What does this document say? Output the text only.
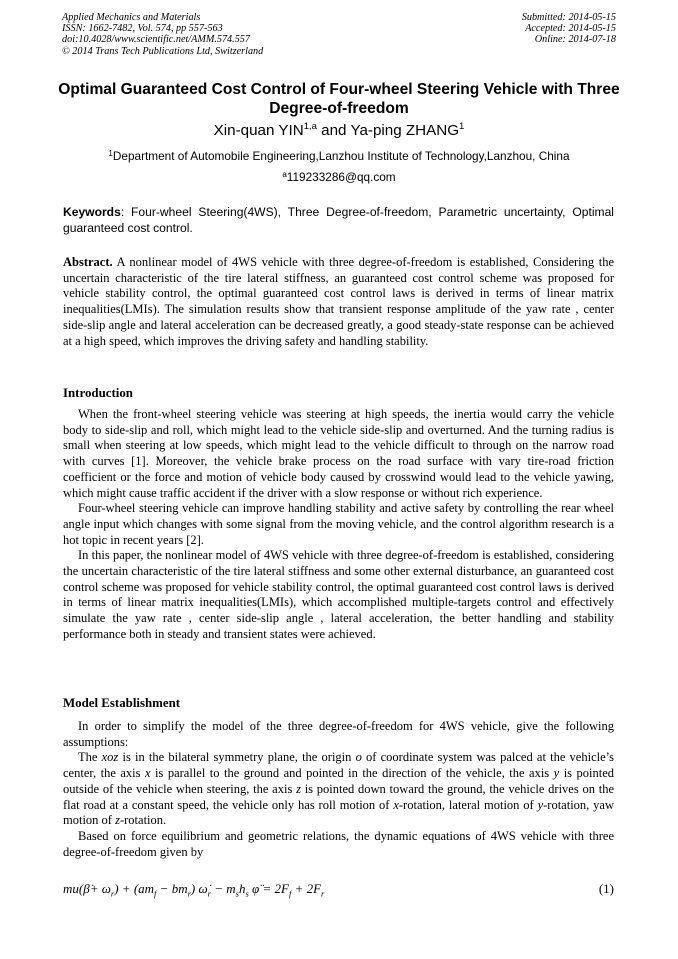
Applied Mechanics and Materials
ISSN: 1662-7482, Vol. 574, pp 557-563
doi:10.4028/www.scientific.net/AMM.574.557
© 2014 Trans Tech Publications Ltd, Switzerland
Submitted: 2014-05-15
Accepted: 2014-05-15
Online: 2014-07-18
Optimal Guaranteed Cost Control of Four-wheel Steering Vehicle with Three Degree-of-freedom
Xin-quan YIN$^{1,a}$ and Ya-ping ZHANG$^1$
$^1$Department of Automobile Engineering,Lanzhou Institute of Technology,Lanzhou, China
$^a$119233286@qq.com
Keywords: Four-wheel Steering(4WS), Three Degree-of-freedom, Parametric uncertainty, Optimal guaranteed cost control.

Abstract. A nonlinear model of 4WS vehicle with three degree-of-freedom is established, Considering the uncertain characteristic of the tire lateral stiffness, an guaranteed cost control scheme was proposed for vehicle stability control, the optimal guaranteed cost control laws is derived in terms of linear matrix inequalities(LMIs). The simulation results show that transient response amplitude of the yaw rate , center side-slip angle and lateral acceleration can be decreased greatly, a good steady-state response can be achieved at a high speed, which improves the driving safety and handling stability.

Introduction

When the front-wheel steering vehicle was steering at high speeds, the inertia would carry the vehicle body to side-slip and roll, which might lead to the vehicle side-slip and overturned. And the turning radius is small when steering at low speeds, which might lead to the vehicle difficult to through on the narrow road with curves [1]. Moreover, the vehicle brake process on the road surface with vary tire-road friction coefficient or the force and motion of vehicle body caused by crosswind would lead to the vehicle yawing, which might cause traffic accident if the driver with a slow response or without rich experience.

Four-wheel steering vehicle can improve handling stability and active safety by controlling the rear wheel angle input which changes with some signal from the moving vehicle, and the control algorithm research is a hot topic in recent years [2].

In this paper, the nonlinear model of 4WS vehicle with three degree-of-freedom is established, considering the uncertain characteristic of the tire lateral stiffness and some other external disturbance, an guaranteed cost control scheme was proposed for vehicle stability control, the optimal guaranteed cost control laws is derived in terms of linear matrix inequalities(LMIs), which accomplished multiple-targets control and effectively simulate the yaw rate , center side-slip angle , lateral acceleration, the better handling and stability performance both in steady and transient states were achieved.

Model Establishment

In order to simplify the model of the three degree-of-freedom for 4WS vehicle, give the following assumptions:

The xoz is in the bilateral symmetry plane, the origin o of coordinate system was palced at the vehicle’s center, the axis x is parallel to the ground and pointed in the direction of the vehicle, the axis y is pointed outside of the vehicle when steering, the axis z is pointed down toward the ground, the vehicle drives on the flat road at a constant speed, the vehicle only has roll motion of x-rotation, lateral motion of y-rotation, yaw motion of z-rotation.

Based on force equilibrium and geometric relations, the dynamic equations of 4WS vehicle with three degree-of-freedom given by

mu(β̇+ $\omega_r) + (am_f - bm_r)$ $\omegȧ_r - m_sh_s$ φ̈ = $2F_f + 2F_r$	(1)
